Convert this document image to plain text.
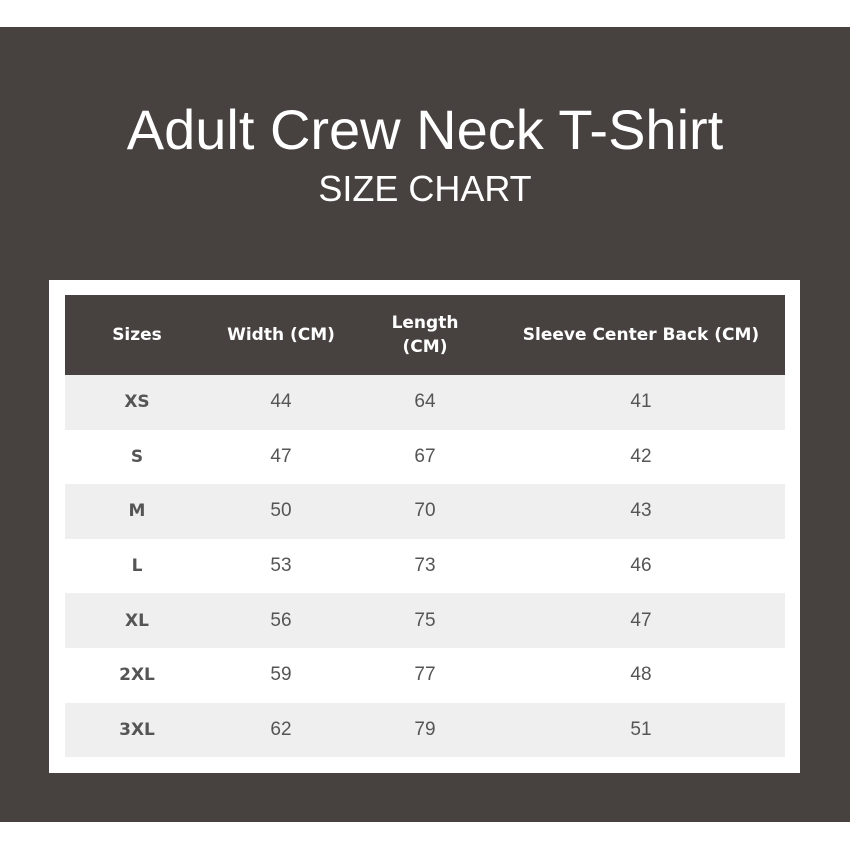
Adult Crew Neck T-Shirt
SIZE CHART
Sizes	Width (CM)	Length (CM)	Sleeve Center Back (CM)
XS	44	64	41
S	47	67	42
M	50	70	43
L	53	73	46
XL	56	75	47
2XL	59	77	48
3XL	62	79	51
